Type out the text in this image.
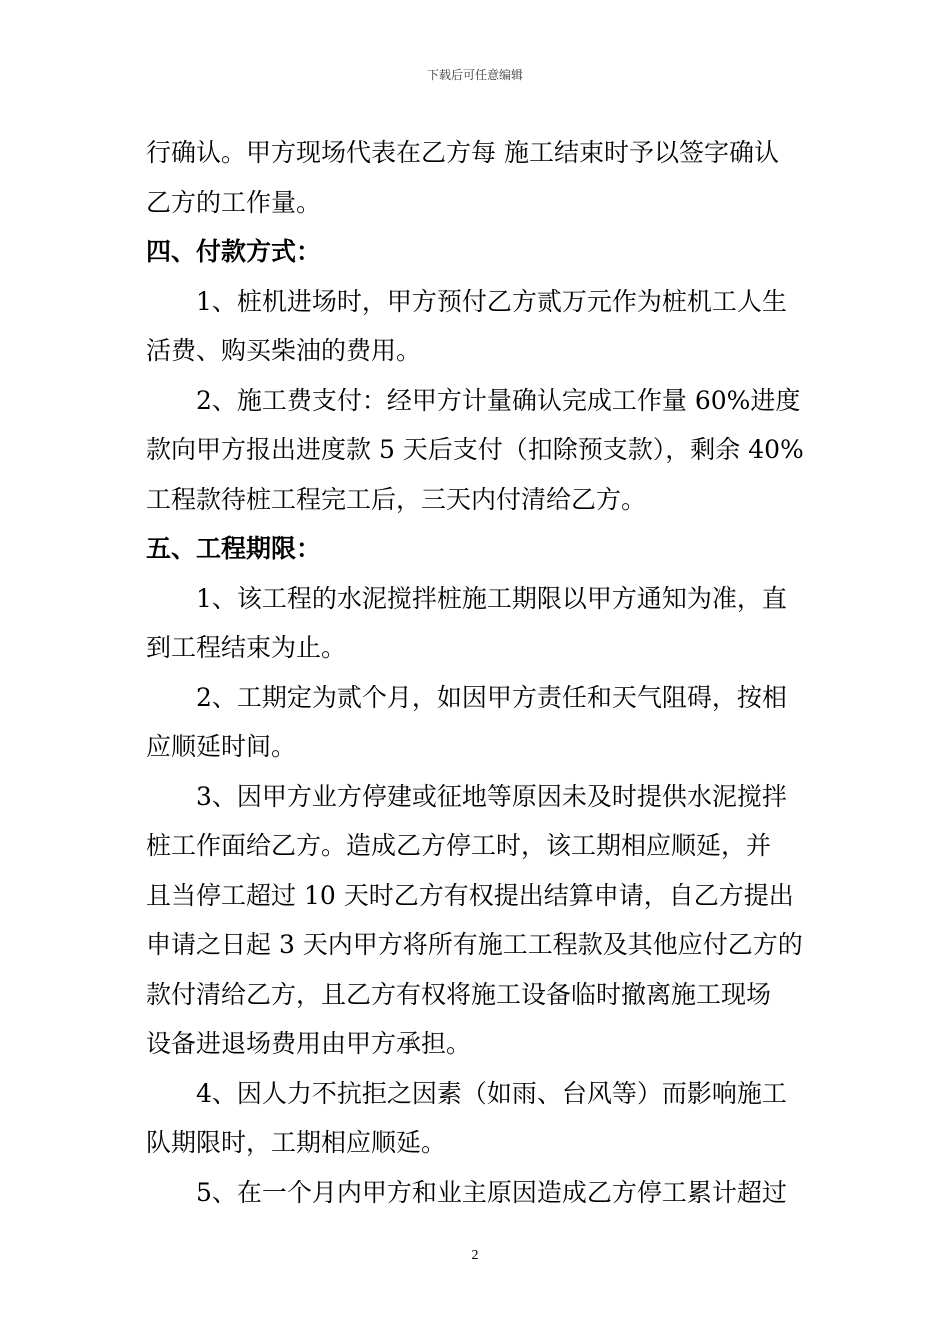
下载后可任意编辑
行确认。甲方现场代表在乙方每 施工结束时予以签字确认
乙方的工作量。
四、付款方式：
1、桩机进场时，甲方预付乙方贰万元作为桩机工人生
活费、购买柴油的费用。
2、施工费支付：经甲方计量确认完成工作量 60%进度
款向甲方报出进度款 5 天后支付（扣除预支款），剩余 40%
工程款待桩工程完工后，三天内付清给乙方。
五、工程期限：
1、该工程的水泥搅拌桩施工期限以甲方通知为准，直
到工程结束为止。
2、工期定为贰个月，如因甲方责任和天气阻碍，按相
应顺延时间。
3、因甲方业方停建或征地等原因未及时提供水泥搅拌
桩工作面给乙方。造成乙方停工时，该工期相应顺延，并
且当停工超过 10 天时乙方有权提出结算申请，自乙方提出
申请之日起 3 天内甲方将所有施工工程款及其他应付乙方的
款付清给乙方，且乙方有权将施工设备临时撤离施工现场
设备进退场费用由甲方承担。
4、因人力不抗拒之因素（如雨、台风等）而影响施工
队期限时，工期相应顺延。
5、在一个月内甲方和业主原因造成乙方停工累计超过
2
